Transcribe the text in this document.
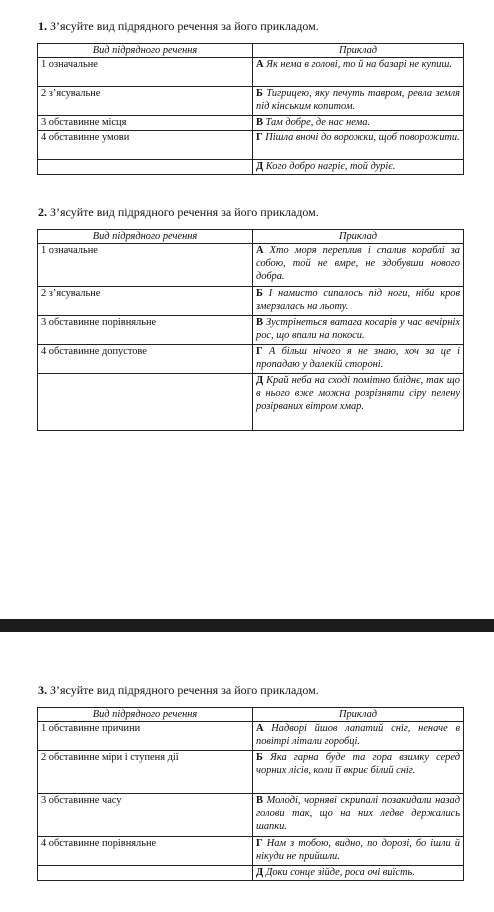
1. З’ясуйте вид підрядного речення за його прикладом.
Вид підрядного речення	Приклад
1 означальне	А Як нема в голові, то й на базарі не купиш.
2 з’ясувальне	Б Тигрицею, яку печуть тавром, ревла земля під кінським копитом.
3 обставинне місця	В Там добре, де нас нема.
4 обставинне умови	Г Пішла вночі до ворожки, щоб поворожити.
	Д Кого добро нагріє, той дуріє.
2. З’ясуйте вид підрядного речення за його прикладом.
Вид підрядного речення	Приклад
1 означальне	А Хто моря переплив і спалив кораблі за собою, той не вмре, не здобувши нового добра.
2 з’ясувальне	Б І намисто сипалось під ноги, ніби кров змерзалась на льоту.
3 обставинне порівняльне	В Зустрінеться ватага косарів у час вечірніх рос, що впали на покоси.
4 обставинне допустове	Г А більш нічого я не знаю, хоч за це і пропадаю у далекій стороні.
	Д Край неба на сході помітно бліднє, так що в нього вже можна розрізняти сіру пелену розірваних вітром хмар.
3. З’ясуйте вид підрядного речення за його прикладом.
Вид підрядного речення	Приклад
1 обставинне причини	А Надворі йшов лапатий сніг, неначе в повітрі літали горобці.
2 обставинне міри і ступеня дії	Б Яка гарна буде та гора взимку серед чорних лісів, коли її вкриє білий сніг.
3 обставинне часу	В Молоді, чорняві скрипалі позакидали назад голови так, що на них ледве держались шапки.
4 обставинне порівняльне	Г Нам з тобою, видно, по дорозі, бо ішли й нікуди не прийшли.
	Д Доки сонце зійде, роса очі виїсть.
